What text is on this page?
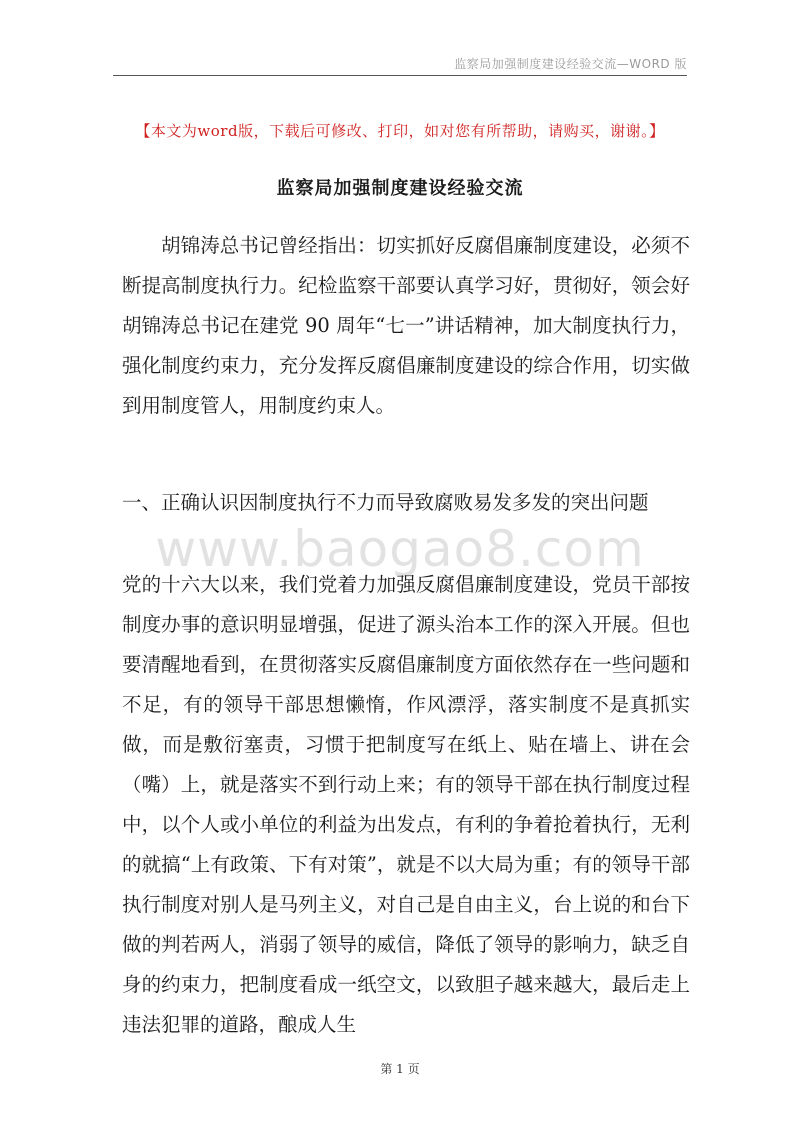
监察局加强制度建设经验交流—WORD 版
【本文为word版，下载后可修改、打印，如对您有所帮助，请购买，谢谢。】
监察局加强制度建设经验交流

胡锦涛总书记曾经指出：切实抓好反腐倡廉制度建设，必须不断提高制度执行力。纪检监察干部要认真学习好，贯彻好，领会好胡锦涛总书记在建党 90 周年“七一”讲话精神，加大制度执行力，强化制度约束力，充分发挥反腐倡廉制度建设的综合作用，切实做到用制度管人，用制度约束人。

一、正确认识因制度执行不力而导致腐败易发多发的突出问题

www.baogao8.com

党的十六大以来，我们党着力加强反腐倡廉制度建设，党员干部按制度办事的意识明显增强，促进了源头治本工作的深入开展。但也要清醒地看到，在贯彻落实反腐倡廉制度方面依然存在一些问题和不足，有的领导干部思想懒惰，作风漂浮，落实制度不是真抓实做，而是敷衍塞责，习惯于把制度写在纸上、贴在墙上、讲在会（嘴）上，就是落实不到行动上来；有的领导干部在执行制度过程中，以个人或小单位的利益为出发点，有利的争着抢着执行，无利的就搞“上有政策、下有对策”，就是不以大局为重；有的领导干部执行制度对别人是马列主义，对自己是自由主义，台上说的和台下做的判若两人，消弱了领导的威信，降低了领导的影响力，缺乏自身的约束力，把制度看成一纸空文，以致胆子越来越大，最后走上违法犯罪的道路，酿成人生

第 1 页
